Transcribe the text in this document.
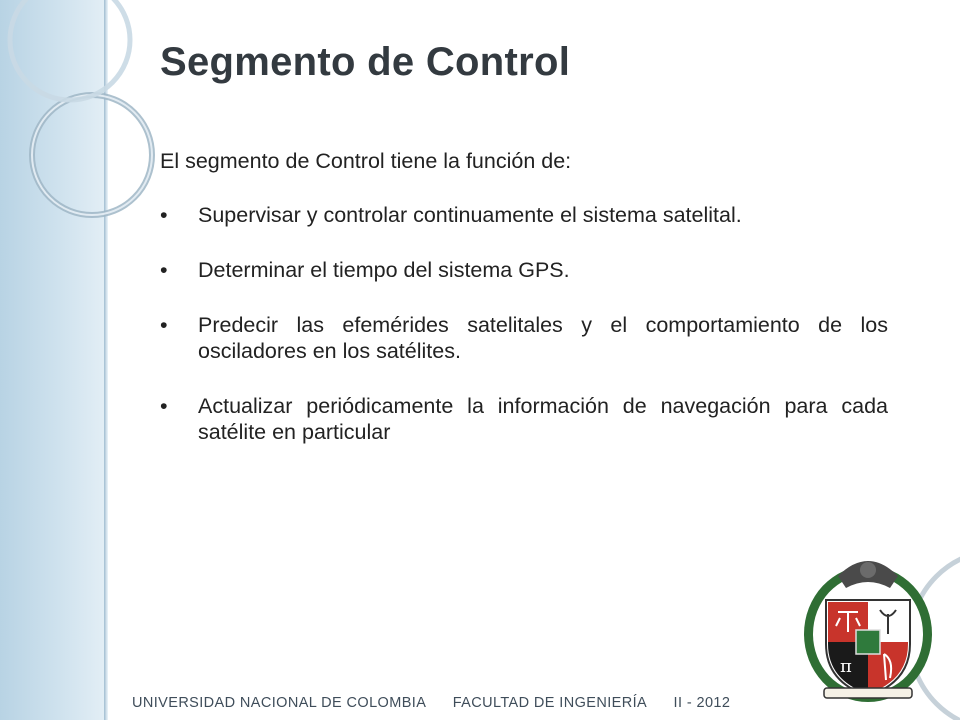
Segmento de Control

El segmento de Control tiene la función de:

• Supervisar y controlar continuamente el sistema satelital.
• Determinar el tiempo del sistema GPS.
• Predecir las efemérides satelitales y el comportamiento de los osciladores en los satélites.
• Actualizar periódicamente la información de navegación para cada satélite en particular
π
UNIVERSIDAD NACIONAL DE COLOMBIA FACULTAD DE INGENIERÍA II - 2012
